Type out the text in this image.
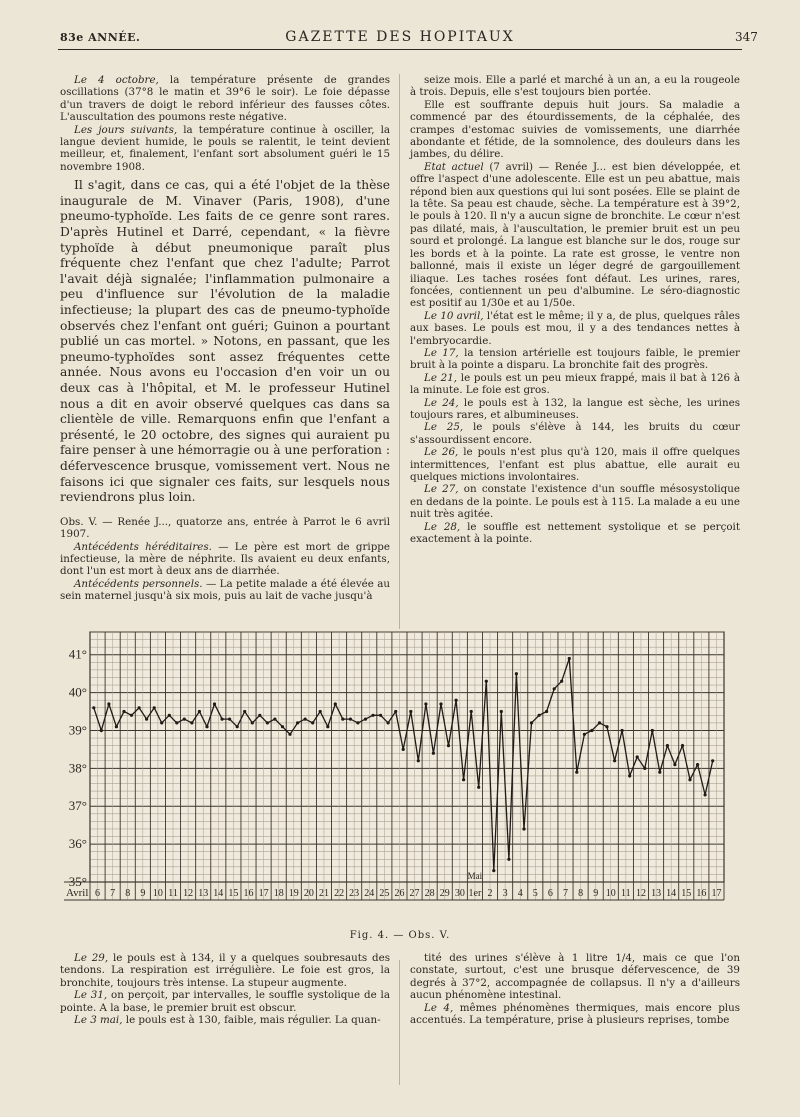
83e ANNÉE.	GAZETTE DES HOPITAUX	347

Le 4 octobre, la température présente de grandes oscillations (37°8 le matin et 39°6 le soir). Le foie dépasse d'un travers de doigt le rebord inférieur des fausses côtes. L'auscultation des poumons reste négative.

Les jours suivants, la température continue à osciller, la langue devient humide, le pouls se ralentit, le teint devient meilleur, et, finalement, l'enfant sort absolument guéri le 15 novembre 1908.

Il s'agit, dans ce cas, qui a été l'objet de la thèse inaugurale de M. Vinaver (Paris, 1908), d'une pneumo-typhoïde. Les faits de ce genre sont rares. D'après Hutinel et Darré, cependant, « la fièvre typhoïde à début pneumonique paraît plus fréquente chez l'enfant que chez l'adulte; Parrot l'avait déjà signalée; l'inflammation pulmonaire a peu d'influence sur l'évolution de la maladie infectieuse; la plupart des cas de pneumo-typhoïde observés chez l'enfant ont guéri; Guinon a pourtant publié un cas mortel. » Notons, en passant, que les pneumo-typhoïdes sont assez fréquentes cette année. Nous avons eu l'occasion d'en voir un ou deux cas à l'hôpital, et M. le professeur Hutinel nous a dit en avoir observé quelques cas dans sa clientèle de ville. Remarquons enfin que l'enfant a présenté, le 20 octobre, des signes qui auraient pu faire penser à une hémorragie ou à une perforation : défervescence brusque, vomissement vert. Nous ne faisons ici que signaler ces faits, sur lesquels nous reviendrons plus loin.

Obs. V. — Renée J..., quatorze ans, entrée à Parrot le 6 avril 1907.

Antécédents héréditaires. — Le père est mort de grippe infectieuse, la mère de néphrite. Ils avaient eu deux enfants, dont l'un est mort à deux ans de diarrhée.

Antécédents personnels. — La petite malade a été élevée au sein maternel jusqu'à six mois, puis au lait de vache jusqu'à

seize mois. Elle a parlé et marché à un an, a eu la rougeole à trois. Depuis, elle s'est toujours bien portée.

Elle est souffrante depuis huit jours. Sa maladie a commencé par des étourdissements, de la céphalée, des crampes d'estomac suivies de vomissements, une diarrhée abondante et fétide, de la somnolence, des douleurs dans les jambes, du délire.

Etat actuel (7 avril) — Renée J... est bien développée, et offre l'aspect d'une adolescente. Elle est un peu abattue, mais répond bien aux questions qui lui sont posées. Elle se plaint de la tête. Sa peau est chaude, sèche. La température est à 39°2, le pouls à 120. Il n'y a aucun signe de bronchite. Le cœur n'est pas dilaté, mais, à l'auscultation, le premier bruit est un peu sourd et prolongé. La langue est blanche sur le dos, rouge sur les bords et à la pointe. La rate est grosse, le ventre non ballonné, mais il existe un léger degré de gargouillement iliaque. Les taches rosées font défaut. Les urines, rares, foncées, contiennent un peu d'albumine. Le séro-diagnostic est positif au 1/30e et au 1/50e.

Le 10 avril, l'état est le même; il y a, de plus, quelques râles aux bases. Le pouls est mou, il y a des tendances nettes à l'embryocardie.

Le 17, la tension artérielle est toujours faible, le premier bruit à la pointe a disparu. La bronchite fait des progrès.

Le 21, le pouls est un peu mieux frappé, mais il bat à 126 à la minute. Le foie est gros.

Le 24, le pouls est à 132, la langue est sèche, les urines toujours rares, et albumineuses.

Le 25, le pouls s'élève à 144, les bruits du cœur s'assourdissent encore.

Le 26, le pouls n'est plus qu'à 120, mais il offre quelques intermittences, l'enfant est plus abattue, elle aurait eu quelques mictions involontaires.

Le 27, on constate l'existence d'un souffle mésosystolique en dedans de la pointe. Le pouls est à 115. La malade a eu une nuit très agitée.

Le 28, le souffle est nettement systolique et se perçoit exactement à la pointe.

35°
36°
37°
38°
39°
40°
41°
Avril 6 7 8 9 10 11 12 13 14 15 16 17 18 19 20 21 22 23 24 25 26 27 28 29 30 1er 2 3 4 5 6 7 8 9 10 11 12 13 14 15 16 17
Mai
Fig. 4. — Obs. V.

Le 29, le pouls est à 134, il y a quelques soubresauts des tendons. La respiration est irrégulière. Le foie est gros, la bronchite, toujours très intense. La stupeur augmente.

Le 31, on perçoit, par intervalles, le souffle systolique de la pointe. A la base, le premier bruit est obscur.

Le 3 mai, le pouls est à 130, faible, mais régulier. La quan-

tité des urines s'élève à 1 litre 1/4, mais ce que l'on constate, surtout, c'est une brusque défervescence, de 39 degrés à 37°2, accompagnée de collapsus. Il n'y a d'ailleurs aucun phénomène intestinal.

Le 4, mêmes phénomènes thermiques, mais encore plus accentués. La température, prise à plusieurs reprises, tombe
